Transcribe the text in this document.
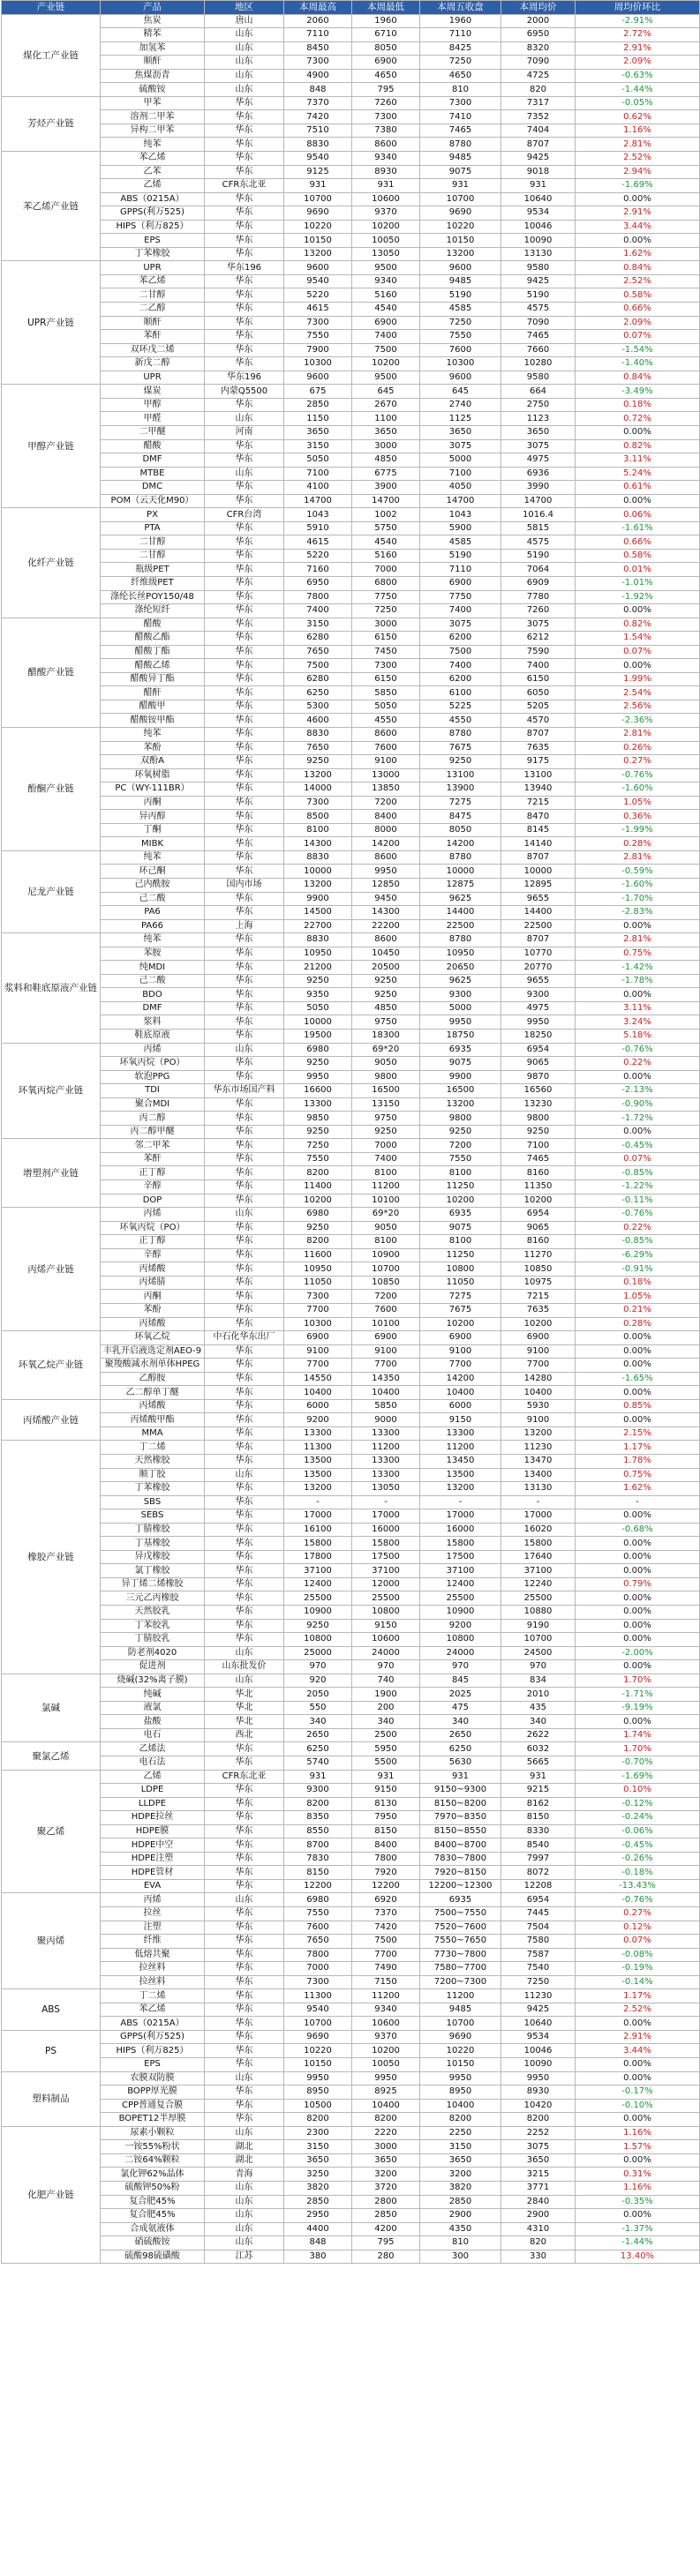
产业链	产品	地区	本周最高	本周最低	本周五收盘	本周均价	周均价环比
煤化工产业链	焦炭	唐山	2060	1960	1960	2000	-2.91%
	精苯	山东	7110	6710	7110	6950	2.72%
	加氢苯	山东	8450	8050	8425	8320	2.91%
	顺酐	山东	7300	6900	7250	7090	2.09%
	焦煤沥青	山东	4900	4650	4650	4725	-0.63%
	硫酸铵	山东	848	795	810	820	-1.44%
芳烃产业链	甲苯	华东	7370	7260	7300	7317	-0.05%
	溶剂二甲苯	华东	7420	7300	7410	7352	0.62%
	异构二甲苯	华东	7510	7380	7465	7404	1.16%
	纯苯	华东	8830	8600	8780	8707	2.81%
苯乙烯产业链	苯乙烯	华东	9540	9340	9485	9425	2.52%
	乙苯	华东	9125	8930	9075	9018	2.94%
	乙烯	CFR东北亚	931	931	931	931	-1.69%
	ABS（0215A）	华东	10700	10600	10700	10640	0.00%
	GPPS(利万525)	华东	9690	9370	9690	9534	2.91%
	HIPS（利万825）	华东	10220	10200	10220	10046	3.44%
	EPS	华东	10150	10050	10150	10090	0.00%
	丁苯橡胶	华东	13200	13050	13200	13130	1.62%
UPR产业链	UPR	华东196	9600	9500	9600	9580	0.84%
	苯乙烯	华东	9540	9340	9485	9425	2.52%
	二甘醇	华东	5220	5160	5190	5190	0.58%
	二乙醇	华东	4615	4540	4585	4575	0.66%
	顺酐	华东	7300	6900	7250	7090	2.09%
	苯酐	华东	7550	7400	7550	7465	0.07%
	双环戊二烯	华东	7900	7500	7600	7660	-1.54%
	新戊二醇	华东	10300	10200	10300	10280	-1.40%
	UPR	华东196	9600	9500	9600	9580	0.84%
甲醇产业链	煤炭	内蒙Q5500	675	645	645	664	-3.49%
	甲醇	华东	2850	2670	2740	2750	0.18%
	甲醛	山东	1150	1100	1125	1123	0.72%
	二甲醚	河南	3650	3650	3650	3650	0.00%
	醋酸	华东	3150	3000	3075	3075	0.82%
	DMF	华东	5050	4850	5000	4975	3.11%
	MTBE	山东	7100	6775	7100	6936	5.24%
	DMC	华东	4100	3900	4050	3990	0.61%
	POM（云天化M90）	华东	14700	14700	14700	14700	0.00%
化纤产业链	PX	CFR台湾	1043	1002	1043	1016.4	0.06%
	PTA	华东	5910	5750	5900	5815	-1.61%
	二甘醇	华东	4615	4540	4585	4575	0.66%
	二甘醇	华东	5220	5160	5190	5190	0.58%
	瓶级PET	华东	7160	7000	7110	7064	0.01%
	纤维级PET	华东	6950	6800	6900	6909	-1.01%
	涤纶长丝POY150/48	华东	7800	7750	7750	7780	-1.92%
	涤纶短纤	华东	7400	7250	7400	7260	0.00%
醋酸产业链	醋酸	华东	3150	3000	3075	3075	0.82%
	醋酸乙酯	华东	6280	6150	6200	6212	1.54%
	醋酸丁酯	华东	7650	7450	7500	7590	0.07%
	醋酸乙烯	华东	7500	7300	7400	7400	0.00%
	醋酸异丁酯	华东	6280	6150	6200	6150	1.99%
	醋酐	华东	6250	5850	6100	6050	2.54%
	醋酸甲	华东	5300	5050	5225	5205	2.56%
	醋酸铵甲酯	华东	4600	4550	4550	4570	-2.36%
酚酮产业链	纯苯	华东	8830	8600	8780	8707	2.81%
	苯酚	华东	7650	7600	7675	7635	0.26%
	双酚A	华东	9250	9100	9250	9175	0.27%
	环氧树脂	华东	13200	13000	13100	13100	-0.76%
	PC（WY-111BR）	华东	14000	13850	13900	13940	-1.60%
	丙酮	华东	7300	7200	7275	7215	1.05%
	异丙醇	华东	8500	8400	8475	8470	0.36%
	丁酮	华东	8100	8000	8050	8145	-1.99%
	MIBK	华东	14300	14200	14200	14140	0.28%
尼龙产业链	纯苯	华东	8830	8600	8780	8707	2.81%
	环己酮	华东	10000	9950	10000	10000	-0.59%
	己内酰胺	国内市场	13200	12850	12875	12895	-1.60%
	己二酸	华东	9900	9450	9625	9655	-1.70%
	PA6	华东	14500	14300	14400	14400	-2.83%
	PA66	上海	22700	22200	22500	22500	0.00%
浆料和鞋底原液产业链	纯苯	华东	8830	8600	8780	8707	2.81%
	苯胺	华东	10950	10450	10950	10770	0.75%
	纯MDI	华东	21200	20500	20650	20770	-1.42%
	己二酸	华东	9250	9250	9625	9655	-1.78%
	BDO	华东	9350	9250	9300	9300	0.00%
	DMF	华东	5050	4850	5000	4975	3.11%
	浆料	华东	10000	9750	9950	9950	3.24%
	鞋底原液	华东	19500	18300	18750	18250	5.18%
环氧丙烷产业链	丙烯	山东	6980	69*20	6935	6954	-0.76%
	环氧丙烷（PO）	华东	9250	9050	9075	9065	0.22%
	软泡PPG	华东	9950	9800	9900	9870	0.00%
	TDI	华东市场国产料	16600	16500	16500	16560	-2.13%
	聚合MDI	华东	13300	13150	13200	13230	-0.90%
	丙二醇	华东	9850	9750	9800	9800	-1.72%
	丙二醇甲醚	华东	9250	9250	9250	9250	0.00%
增塑剂产业链	邻二甲苯	华东	7250	7000	7200	7100	-0.45%
	苯酐	华东	7550	7400	7550	7465	0.07%
	正丁醇	华东	8200	8100	8100	8160	-0.85%
	辛醇	华东	11400	11200	11250	11350	-1.22%
	DOP	华东	10200	10100	10200	10200	-0.11%
丙烯产业链	丙烯	山东	6980	69*20	6935	6954	-0.76%
	环氧丙烷（PO）	华东	9250	9050	9075	9065	0.22%
	正丁醇	华东	8200	8100	8100	8160	-0.85%
	辛醇	华东	11600	10900	11250	11270	-6.29%
	丙烯酸	华东	10950	10700	10800	10850	-0.91%
	丙烯腈	华东	11050	10850	11050	10975	0.18%
	丙酮	华东	7300	7200	7275	7215	1.05%
	苯酚	华东	7700	7600	7675	7635	0.21%
	丙烯酸	华东	10300	10100	10200	10200	0.28%
环氧乙烷产业链	环氧乙烷	中石化华东出厂	6900	6900	6900	6900	0.00%
	丰乳开启液选定剂AEO-9	华东	9100	9100	9100	9100	0.00%
	聚羧酸减水剂单体HPEG	华东	7700	7700	7700	7700	0.00%
	乙醇胺	华东	14550	14350	14200	14280	-1.65%
	乙二醇单丁醚	华东	10400	10400	10400	10400	0.00%
丙烯酸产业链	丙烯酸	华东	6000	5850	6000	5930	0.85%
	丙烯酸甲酯	华东	9200	9000	9150	9100	0.00%
	MMA	华东	13300	13300	13300	13200	2.15%
橡胶产业链	丁二烯	华东	11300	11200	11200	11230	1.17%
	天然橡胶	华东	13500	13300	13450	13470	1.78%
	顺丁胶	山东	13500	13300	13500	13400	0.75%
	丁苯橡胶	华东	13200	13050	13200	13130	1.62%
	SBS	华东	-	-	-	-	-
	SEBS	华东	17000	17000	17000	17000	0.00%
	丁腈橡胶	华东	16100	16000	16000	16020	-0.68%
	丁基橡胶	华东	15800	15800	15800	15800	0.00%
	异戊橡胶	华东	17800	17500	17500	17640	0.00%
	氯丁橡胶	华东	37100	37100	37100	37100	0.00%
	异丁烯二烯橡胶	华东	12400	12000	12400	12240	0.79%
	三元乙丙橡胶	华东	25500	25500	25500	25500	0.00%
	天然胶乳	华东	10900	10800	10900	10880	0.00%
	丁苯胶乳	华东	9250	9150	9200	9190	0.00%
	丁腈胶乳	华东	10800	10600	10800	10700	0.00%
	防老剂4020	山东	25000	24000	24000	24500	-2.00%
	促进剂	山东批发价	970	970	970	970	0.00%
氯碱	烧碱(32%离子膜)	山东	920	740	845	834	1.70%
	纯碱	华北	2050	1900	2025	2010	-1.71%
	液氯	华北	550	200	475	435	-9.19%
	盐酸	华北	340	340	340	340	0.00%
	电石	西北	2650	2500	2650	2622	1.74%
聚氯乙烯	乙烯法	华东	6250	5950	6250	6032	1.70%
	电石法	华东	5740	5500	5630	5665	-0.70%
聚乙烯	乙烯	CFR东北亚	931	931	931	931	-1.69%
	LDPE	华东	9300	9150	9150~9300	9215	0.10%
	LLDPE	华东	8200	8130	8150~8200	8162	-0.12%
	HDPE拉丝	华东	8350	7950	7970~8350	8150	-0.24%
	HDPE膜	华东	8550	8150	8150~8550	8330	-0.06%
	HDPE中空	华东	8700	8400	8400~8700	8540	-0.45%
	HDPE注塑	华东	7830	7800	7830~7800	7997	-0.26%
	HDPE管材	华东	8150	7920	7920~8150	8072	-0.18%
	EVA	华东	12200	12200	12200~12300	12208	-13.43%
聚丙烯	丙烯	山东	6980	6920	6935	6954	-0.76%
	拉丝	华东	7550	7370	7500~7550	7445	0.27%
	注塑	华东	7600	7420	7520~7600	7504	0.12%
	纤维	华东	7650	7500	7550~7650	7580	0.07%
	低熔共聚	华东	7800	7700	7730~7800	7587	-0.08%
	拉丝料	华东	7000	7490	7580~7700	7540	-0.19%
	拉丝料	华东	7300	7150	7200~7300	7250	-0.14%
ABS	丁二烯	华东	11300	11200	11200	11230	1.17%
	苯乙烯	华东	9540	9340	9485	9425	2.52%
	ABS（0215A）	华东	10700	10600	10700	10640	0.00%
PS	GPPS(利万525)	华东	9690	9370	9690	9534	2.91%
	HIPS（利万825）	华东	10220	10200	10220	10046	3.44%
	EPS	华东	10150	10050	10150	10090	0.00%
塑料制品	农膜双防膜	山东	9950	9950	9950	9950	0.00%
	BOPP厚光膜	华东	8950	8925	8950	8930	-0.17%
	CPP普通复合膜	华东	10500	10400	10400	10420	-0.10%
	BOPET12半厚膜	华东	8200	8200	8200	8200	0.00%
化肥产业链	尿素小颗粒	山东	2300	2220	2250	2252	1.16%
	一铵55%粉状	湖北	3150	3000	3150	3075	1.57%
	二铵64%颗粒	湖北	3650	3650	3650	3650	0.00%
	氯化钾62%晶体	青海	3250	3200	3200	3215	0.31%
	硫酸钾50%粉	山东	3820	3720	3820	3771	1.16%
	复合肥45%	山东	2850	2800	2850	2840	-0.35%
	复合肥45%	山东	2950	2850	2900	2900	0.00%
	合成氨液体	山东	4400	4200	4350	4310	-1.37%
	硝硫酸铵	山东	848	795	810	820	-1.44%
	硫酸98硫磺酸	江苏	380	280	300	330	13.40%
